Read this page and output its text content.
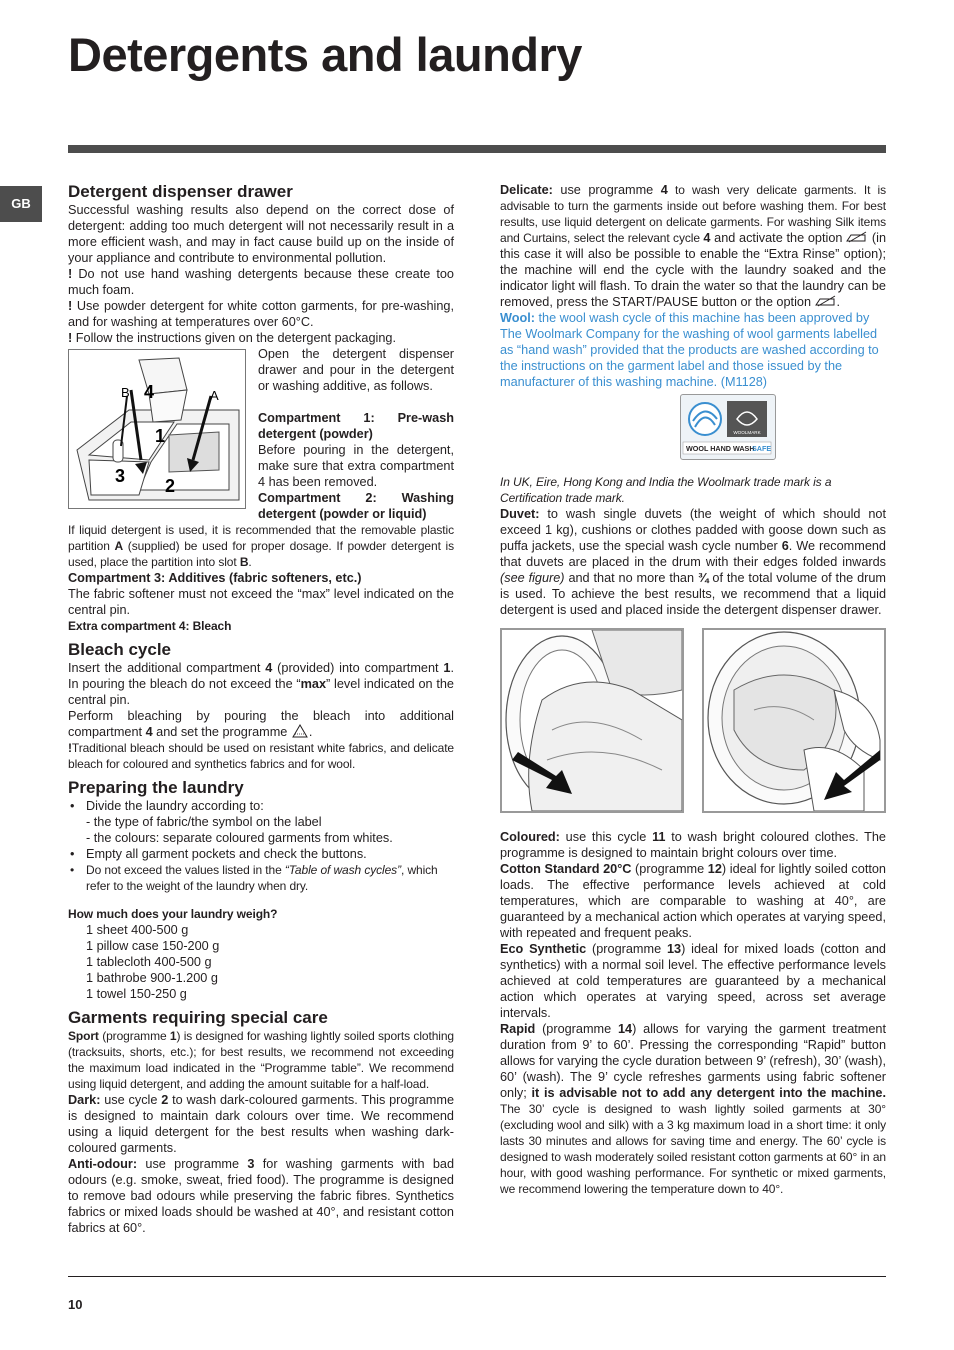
Detergents and laundry
GB
Detergent dispenser drawer

Successful washing results also depend on the correct dose of detergent: adding too much detergent will not necessarily result in a more efficient wash, and may in fact cause build up on the inside of your appliance and contribute to environmental pollution.

! Do not use hand washing detergents because these create too much foam.

! Use powder detergent for white cotton garments, for pre-washing, and for washing at temperatures over 60°C.

! Follow the instructions given on the detergent packaging.

B 4	A
1
3 2

Open the detergent dispenser drawer and pour in the detergent or washing additive, as follows.

Compartment 1: Pre-wash detergent (powder)

Before pouring in the detergent, make sure that extra compartment 4 has been removed.

Compartment 2: Washing detergent (powder or liquid)

If liquid detergent is used, it is recommended that the removable plastic partition A (supplied) be used for proper dosage. If powder detergent is used, place the partition into slot B.

Compartment 3: Additives (fabric softeners, etc.)

The fabric softener must not exceed the “max” level indicated on the central pin.

Extra compartment 4: Bleach

Bleach cycle

Insert the additional compartment 4 (provided) into compartment 1. In pouring the bleach do not exceed the “max” level indicated on the central pin.

Perform bleaching by pouring the bleach into additional compartment 4 and set the programme .

!Traditional bleach should be used on resistant white fabrics, and delicate bleach for coloured and synthetics fabrics and for wool.

Preparing the laundry
• Divide the laundry according to:
- the type of fabric/the symbol on the label
- the colours: separate coloured garments from whites.
• Empty all garment pockets and check the buttons.
• Do not exceed the values listed in the “Table of wash cycles”, which refer to the weight of the laundry when dry.

How much does your laundry weigh?

1 sheet 400-500 g

1 pillow case 150-200 g

1 tablecloth 400-500 g

1 bathrobe 900-1.200 g

1 towel 150-250 g

Garments requiring special care

Sport (programme 1) is designed for washing lightly soiled sports clothing (tracksuits, shorts, etc.); for best results, we recommend not exceeding the maximum load indicated in the “Programme table”. We recommend using liquid detergent, and adding the amount suitable for a half-load.

Dark: use cycle 2 to wash dark-coloured garments. This programme is designed to maintain dark colours over time. We recommend using a liquid detergent for the best results when washing dark-coloured garments.

Anti-odour: use programme 3 for washing garments with bad odours (e.g. smoke, sweat, fried food). The programme is designed to remove bad odours while preserving the fabric fibres. Synthetics fabrics or mixed loads should be washed at 40°, and resistant cotton fabrics at 60°.

Delicate: use programme 4 to wash very delicate garments. It is advisable to turn the garments inside out before washing them. For best results, use liquid detergent on delicate garments. For washing Silk items and Curtains, select the relevant cycle 4 and activate the option  (in this case it will also be possible to enable the “Extra Rinse” option); the machine will end the cycle with the laundry soaked and the indicator light will flash. To drain the water so that the laundry can be removed, press the START/PAUSE button or the option .

Wool: the wool wash cycle of this machine has been approved by The Woolmark Company for the washing of wool garments labelled as “hand wash” provided that the products are washed according to the instructions on the garment label and those issued by the manufacturer of this washing machine. (M1128)

WOOLMARK
WOOL HAND WASH
SAFE

In UK, Eire, Hong Kong and India the Woolmark trade mark is a Certification trade mark.

Duvet: to wash single duvets (the weight of which should not exceed 1 kg), cushions or clothes padded with goose down such as puffa jackets, use the special wash cycle number 6. We recommend that duvets are placed in the drum with their edges folded inwards (see figure) and that no more than ¾ of the total volume of the drum is used. To achieve the best results, we recommend that a liquid detergent is used and placed inside the detergent dispenser drawer.

Coloured: use this cycle 11 to wash bright coloured clothes. The programme is designed to maintain bright colours over time.

Cotton Standard 20°C (programme 12) ideal for lightly soiled cotton loads. The effective performance levels achieved at cold temperatures, which are comparable to washing at 40°, are guaranteed by a mechanical action which operates at varying speed, with repeated and frequent peaks.

Eco Synthetic (programme 13) ideal for mixed loads (cotton and synthetics) with a normal soil level. The effective performance levels achieved at cold temperatures are guaranteed by a mechanical action which operates at varying speed, across set average intervals.

Rapid (programme 14) allows for varying the garment treatment duration from 9’ to 60’. Pressing the corresponding “Rapid” button allows for varying the cycle duration between 9’ (refresh), 30’ (wash), 60’ (wash). The 9’ cycle refreshes garments using fabric softener only; it is advisable not to add any detergent into the machine. The 30’ cycle is designed to wash lightly soiled garments at 30° (excluding wool and silk) with a 3 kg maximum load in a short time: it only lasts 30 minutes and allows for saving time and energy. The 60’ cycle is designed to wash moderately soiled resistant cotton garments at 60° in an hour, with good washing performance. For synthetic or mixed garments, we recommend lowering the temperature down to 40°.

10
